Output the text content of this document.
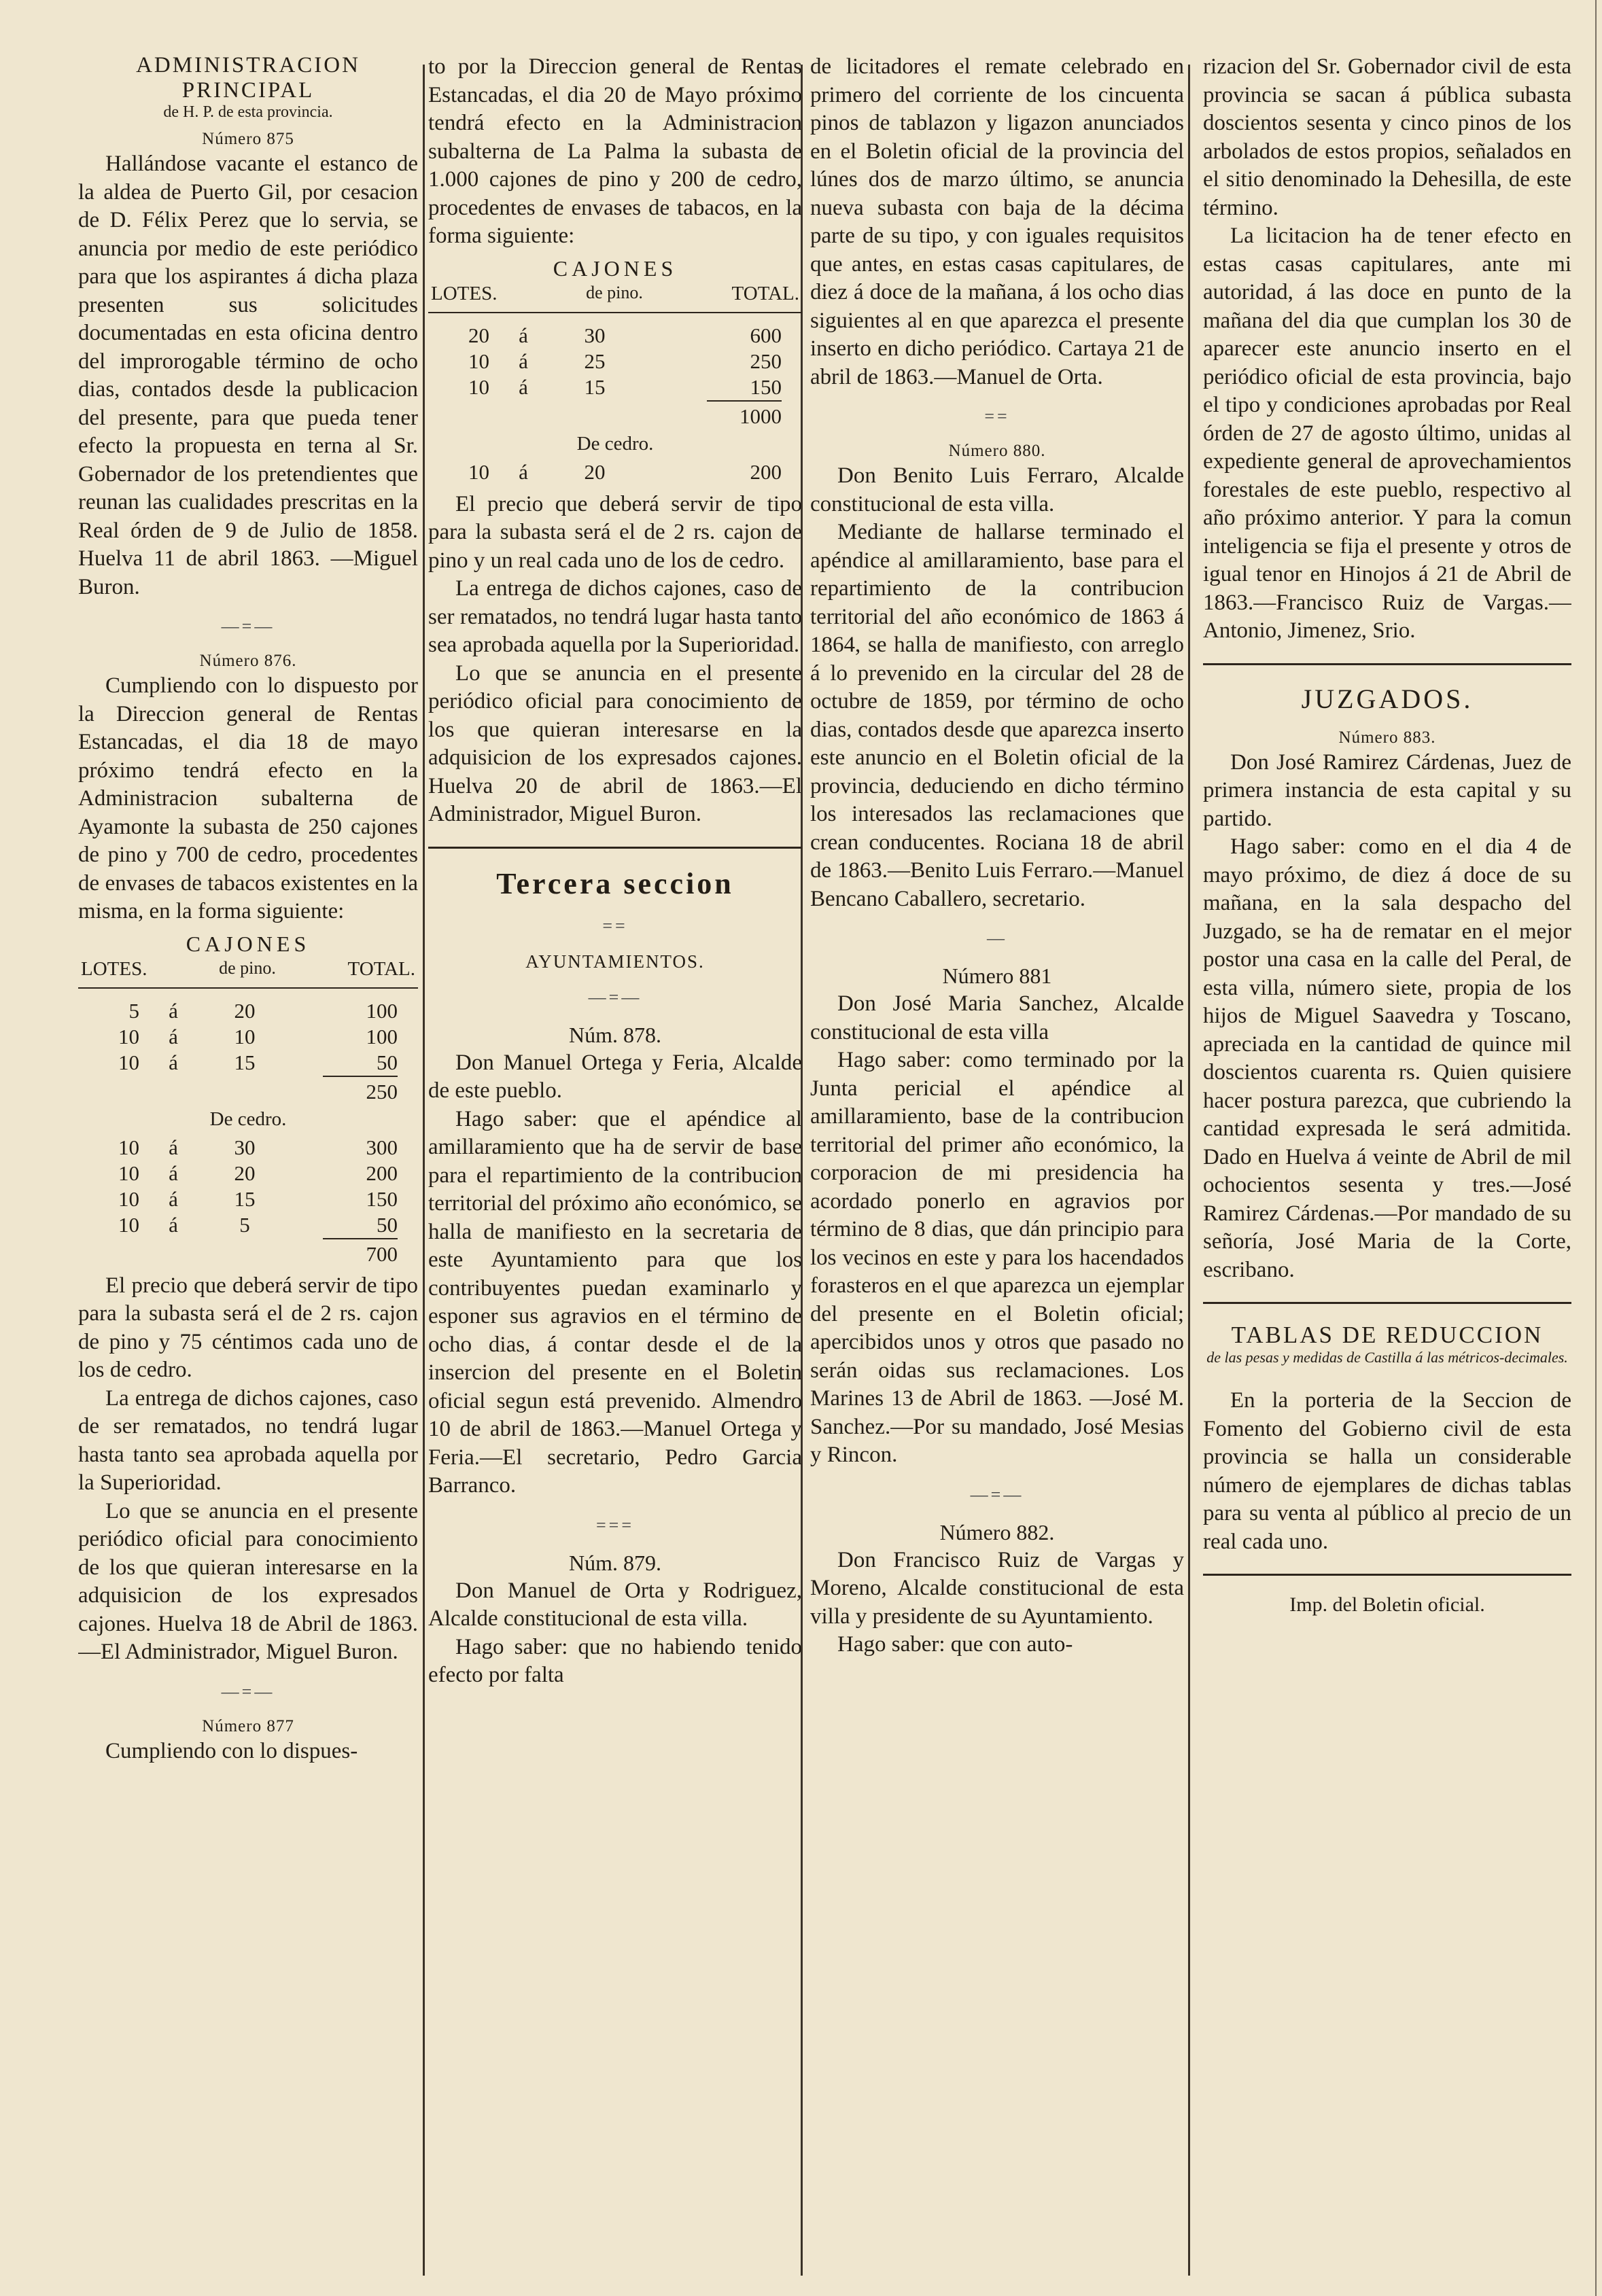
ADMINISTRACION PRINCIPAL
de H. P. de esta provincia.
Número 875

Hallándose vacante el estanco de la aldea de Puerto Gil, por cesacion de D. Félix Perez que lo servia, se anuncia por medio de este periódico para que los aspirantes á dicha plaza presenten sus solicitudes documentadas en esta oficina dentro del improrogable término de ocho dias, contados desde la publicacion del presente, para que pueda tener efecto la propuesta en terna al Sr. Gobernador de los pretendientes que reunan las cualidades prescritas en la Real órden de 9 de Julio de 1858. Huelva 11 de abril 1863. —Miguel Buron.

—=—
Número 876.

Cumpliendo con lo dispuesto por la Direccion general de Rentas Estancadas, el dia 18 de mayo próximo tendrá efecto en la Administracion subalterna de Ayamonte la subasta de 250 cajones de pino y 700 de cedro, procedentes de envases de tabacos existentes en la misma, en la forma siguiente:

CAJONES
LOTES.	de pino.	TOTAL.
5	á	20	100
10	á	10	100
10	á	15	50
250
De cedro.
10	á	30	300
10	á	20	200
10	á	15	150
10	á	5	50
700

El precio que deberá servir de tipo para la subasta será el de 2 rs. cajon de pino y 75 céntimos cada uno de los de cedro.

La entrega de dichos cajones, caso de ser rematados, no tendrá lugar hasta tanto sea aprobada aquella por la Superioridad.

Lo que se anuncia en el presente periódico oficial para conocimiento de los que quieran interesarse en la adquisicion de los expresados cajones. Huelva 18 de Abril de 1863.—El Administrador, Miguel Buron.

—=—
Número 877

Cumpliendo con lo dispues-

to por la Direccion general de Rentas Estancadas, el dia 20 de Mayo próximo tendrá efecto en la Administracion subalterna de La Palma la subasta de 1.000 cajones de pino y 200 de cedro, procedentes de envases de tabacos, en la forma siguiente:

CAJONES
LOTES.	de pino.	TOTAL.
20	á	30	600
10	á	25	250
10	á	15	150
1000
De cedro.
10	á	20	200

El precio que deberá servir de tipo para la subasta será el de 2 rs. cajon de pino y un real cada uno de los de cedro.

La entrega de dichos cajones, caso de ser rematados, no tendrá lugar hasta tanto sea aprobada aquella por la Superioridad.

Lo que se anuncia en el presente periódico oficial para conocimiento de los que quieran interesarse en la adquisicion de los expresados cajones. Huelva 20 de abril de 1863.—El Administrador, Miguel Buron.

Tercera seccion
==
AYUNTAMIENTOS.
—=—
Núm. 878.

Don Manuel Ortega y Feria, Alcalde de este pueblo.

Hago saber: que el apéndice al amillaramiento que ha de servir de base para el repartimiento de la contribucion territorial del próximo año económico, se halla de manifiesto en la secretaria de este Ayuntamiento para que los contribuyentes puedan examinarlo y esponer sus agravios en el término de ocho dias, á contar desde el de la insercion del presente en el Boletin oficial segun está prevenido. Almendro 10 de abril de 1863.—Manuel Ortega y Feria.—El secretario, Pedro Garcia Barranco.

===
Núm. 879.

Don Manuel de Orta y Rodriguez, Alcalde constitucional de esta villa.

Hago saber: que no habiendo tenido efecto por falta

de licitadores el remate celebrado en primero del corriente de los cincuenta pinos de tablazon y ligazon anunciados en el Boletin oficial de la provincia del lúnes dos de marzo último, se anuncia nueva subasta con baja de la décima parte de su tipo, y con iguales requisitos que antes, en estas casas capitulares, de diez á doce de la mañana, á los ocho dias siguientes al en que aparezca el presente inserto en dicho periódico. Cartaya 21 de abril de 1863.—Manuel de Orta.

==
Número 880.

Don Benito Luis Ferraro, Alcalde constitucional de esta villa.

Mediante de hallarse terminado el apéndice al amillaramiento, base para el repartimiento de la contribucion territorial del año económico de 1863 á 1864, se halla de manifiesto, con arreglo á lo prevenido en la circular del 28 de octubre de 1859, por término de ocho dias, contados desde que aparezca inserto este anuncio en el Boletin oficial de la provincia, deduciendo en dicho término los interesados las reclamaciones que crean conducentes. Rociana 18 de abril de 1863.—Benito Luis Ferraro.—Manuel Bencano Caballero, secretario.

—
Número 881

Don José Maria Sanchez, Alcalde constitucional de esta villa

Hago saber: como terminado por la Junta pericial el apéndice al amillaramiento, base de la contribucion territorial del primer año económico, la corporacion de mi presidencia ha acordado ponerlo en agravios por término de 8 dias, que dán principio para los vecinos en este y para los hacendados forasteros en el que aparezca un ejemplar del presente en el Boletin oficial; apercibidos unos y otros que pasado no serán oidas sus reclamaciones. Los Marines 13 de Abril de 1863. —José M. Sanchez.—Por su mandado, José Mesias y Rincon.

—=—
Número 882.

Don Francisco Ruiz de Vargas y Moreno, Alcalde constitucional de esta villa y presidente de su Ayuntamiento.

Hago saber: que con auto-

rizacion del Sr. Gobernador civil de esta provincia se sacan á pública subasta doscientos sesenta y cinco pinos de los arbolados de estos propios, señalados en el sitio denominado la Dehesilla, de este término.

La licitacion ha de tener efecto en estas casas capitulares, ante mi autoridad, á las doce en punto de la mañana del dia que cumplan los 30 de aparecer este anuncio inserto en el periódico oficial de esta provincia, bajo el tipo y condiciones aprobadas por Real órden de 27 de agosto último, unidas al expediente general de aprovechamientos forestales de este pueblo, respectivo al año próximo anterior. Y para la comun inteligencia se fija el presente y otros de igual tenor en Hinojos á 21 de Abril de 1863.—Francisco Ruiz de Vargas.—Antonio, Jimenez, Srio.

JUZGADOS.
Número 883.

Don José Ramirez Cárdenas, Juez de primera instancia de esta capital y su partido.

Hago saber: como en el dia 4 de mayo próximo, de diez á doce de su mañana, en la sala despacho del Juzgado, se ha de rematar en el mejor postor una casa en la calle del Peral, de esta villa, número siete, propia de los hijos de Miguel Saavedra y Toscano, apreciada en la cantidad de quince mil doscientos cuarenta rs. Quien quisiere hacer postura parezca, que cubriendo la cantidad expresada le será admitida. Dado en Huelva á veinte de Abril de mil ochocientos sesenta y tres.—José Ramirez Cárdenas.—Por mandado de su señoría, José Maria de la Corte, escribano.

TABLAS DE REDUCCION
de las pesas y medidas de Castilla á las métricos-decimales.

En la porteria de la Seccion de Fomento del Gobierno civil de esta provincia se halla un considerable número de ejemplares de dichas tablas para su venta al público al precio de un real cada uno.

Imp. del Boletin oficial.
